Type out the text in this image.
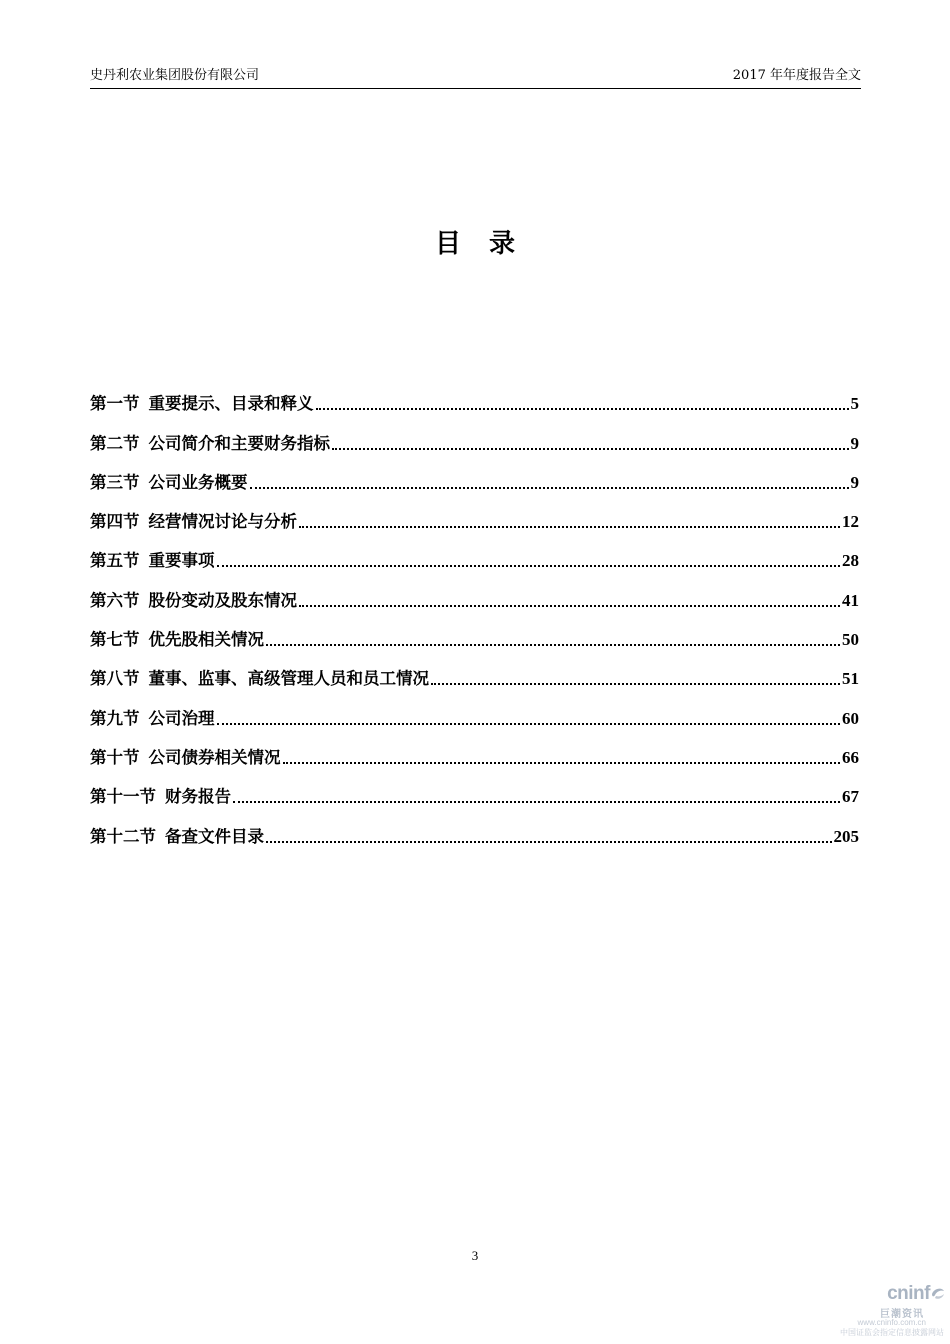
史丹利农业集团股份有限公司	2017 年年度报告全文
目录
第一节 重要提示、目录和释义	5
第二节 公司简介和主要财务指标	9
第三节 公司业务概要	9
第四节 经营情况讨论与分析	12
第五节 重要事项	28
第六节 股份变动及股东情况	41
第七节 优先股相关情况	50
第八节 董事、监事、高级管理人员和员工情况	51
第九节 公司治理	60
第十节 公司债券相关情况	66
第十一节 财务报告	67
第十二节 备查文件目录	205
3
cninf
巨潮资讯
www.cninfo.com.cn
中国证监会指定信息披露网站
